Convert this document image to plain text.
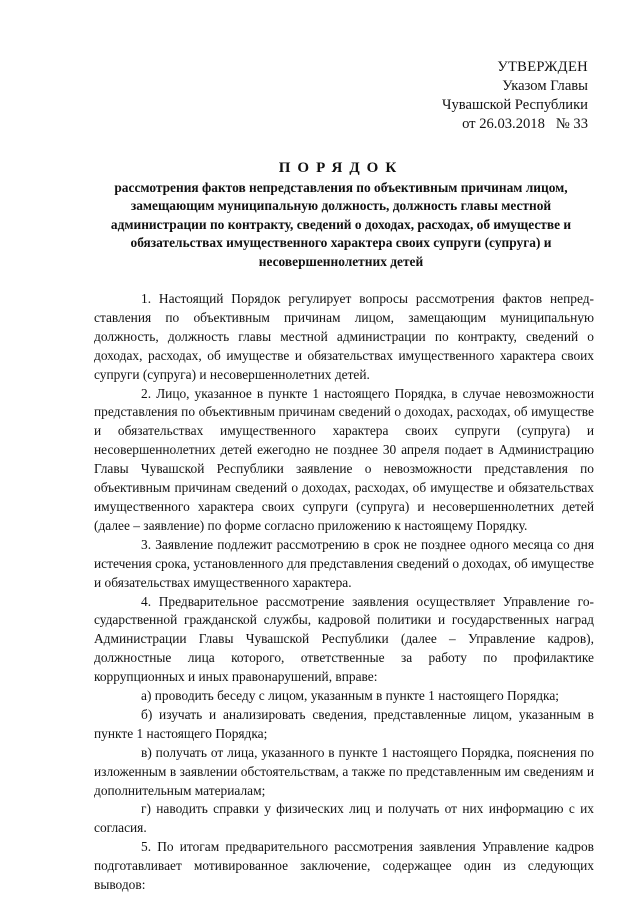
УТВЕРЖДЕН
Указом Главы
Чувашской Республики
от 26.03.2018   № 33
ПОРЯДОК
рассмотрения фактов непредставления по объективным причинам лицом, замещающим муниципальную должность, должность главы местной администрации по контракту, сведений о доходах, расходах, об имуществе и обязательствах имущественного характера своих супруги (супруга) и несовершеннолетних детей

1. Настоящий Порядок регулирует вопросы рассмотрения фактов непредставления по объективным причинам лицом, замещающим муниципальную должность, должность главы местной администрации по контракту, сведений о доходах, расходах, об имуществе и обязательствах имущественного характера своих супруги (супруга) и несовершеннолетних детей.

2. Лицо, указанное в пункте 1 настоящего Порядка, в случае невозможности представления по объективным причинам сведений о доходах, расходах, об имуществе и обязательствах имущественного характера своих супруги (супруга) и несовершеннолетних детей ежегодно не позднее 30 апреля подает в Администрацию Главы Чувашской Республики заявление о невозможности представления по объективным причинам сведений о доходах, расходах, об имуществе и обязательствах имущественного характера своих супруги (супруга) и несовершеннолетних детей (далее – заявление) по форме согласно приложению к настоящему Порядку.

3. Заявление подлежит рассмотрению в срок не позднее одного месяца со дня истечения срока, установленного для представления сведений о доходах, об имуществе и обязательствах имущественного характера.

4. Предварительное рассмотрение заявления осуществляет Управление государственной гражданской службы, кадровой политики и государственных наград Администрации Главы Чувашской Республики (далее – Управление кадров), должностные лица которого, ответственные за работу по профилактике коррупционных и иных правонарушений, вправе:

а) проводить беседу с лицом, указанным в пункте 1 настоящего Порядка;

б) изучать и анализировать сведения, представленные лицом, указанным в пункте 1 настоящего Порядка;

в) получать от лица, указанного в пункте 1 настоящего Порядка, пояснения по изложенным в заявлении обстоятельствам, а также по представленным им сведениям и дополнительным материалам;

г) наводить справки у физических лиц и получать от них информацию с их согласия.

5. По итогам предварительного рассмотрения заявления Управление кадров подготавливает мотивированное заключение, содержащее один из следующих выводов:
